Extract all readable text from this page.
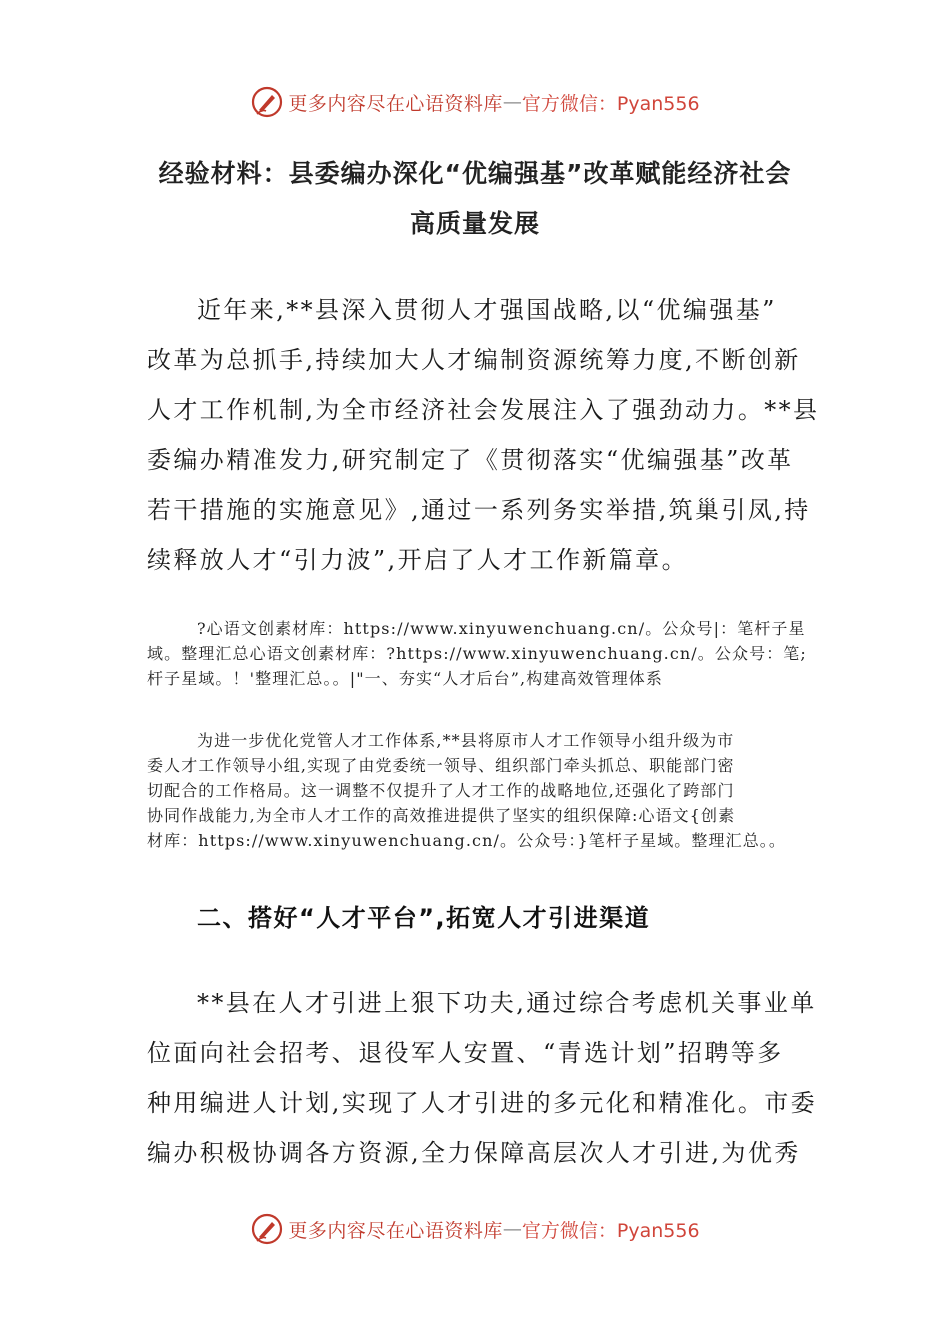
更多内容尽在心语资料库 — 官方微信：Pyan556
经验材料：县委编办深化“优编强基”改革赋能经济社会
高质量发展
近年来,**县深入贯彻人才强国战略,以“优编强基”
改革为总抓手,持续加大人才编制资源统筹力度,不断创新
人才工作机制,为全市经济社会发展注入了强劲动力。**县
委编办精准发力,研究制定了《贯彻落实“优编强基”改革
若干措施的实施意见》,通过一系列务实举措,筑巢引凤,持
续释放人才“引力波”,开启了人才工作新篇章。
?心语文创素材库：https://www.xinyuwenchuang.cn/。公众号|：笔杆子星
域。整理汇总心语文创素材库：?https://www.xinyuwenchuang.cn/。公众号：笔;
杆子星域。！'整理汇总。。|"一、夯实“人才后台”,构建高效管理体系
为进一步优化党管人才工作体系,**县将原市人才工作领导小组升级为市
委人才工作领导小组,实现了由党委统一领导、组织部门牵头抓总、职能部门密
切配合的工作格局。这一调整不仅提升了人才工作的战略地位,还强化了跨部门
协同作战能力,为全市人才工作的高效推进提供了坚实的组织保障:心语文{创素
材库：https://www.xinyuwenchuang.cn/。公众号：}笔杆子星域。整理汇总。。
二、搭好“人才平台”,拓宽人才引进渠道
**县在人才引进上狠下功夫,通过综合考虑机关事业单
位面向社会招考、退役军人安置、“青选计划”招聘等多
种用编进人计划,实现了人才引进的多元化和精准化。市委
编办积极协调各方资源,全力保障高层次人才引进,为优秀
更多内容尽在心语资料库 — 官方微信：Pyan556
